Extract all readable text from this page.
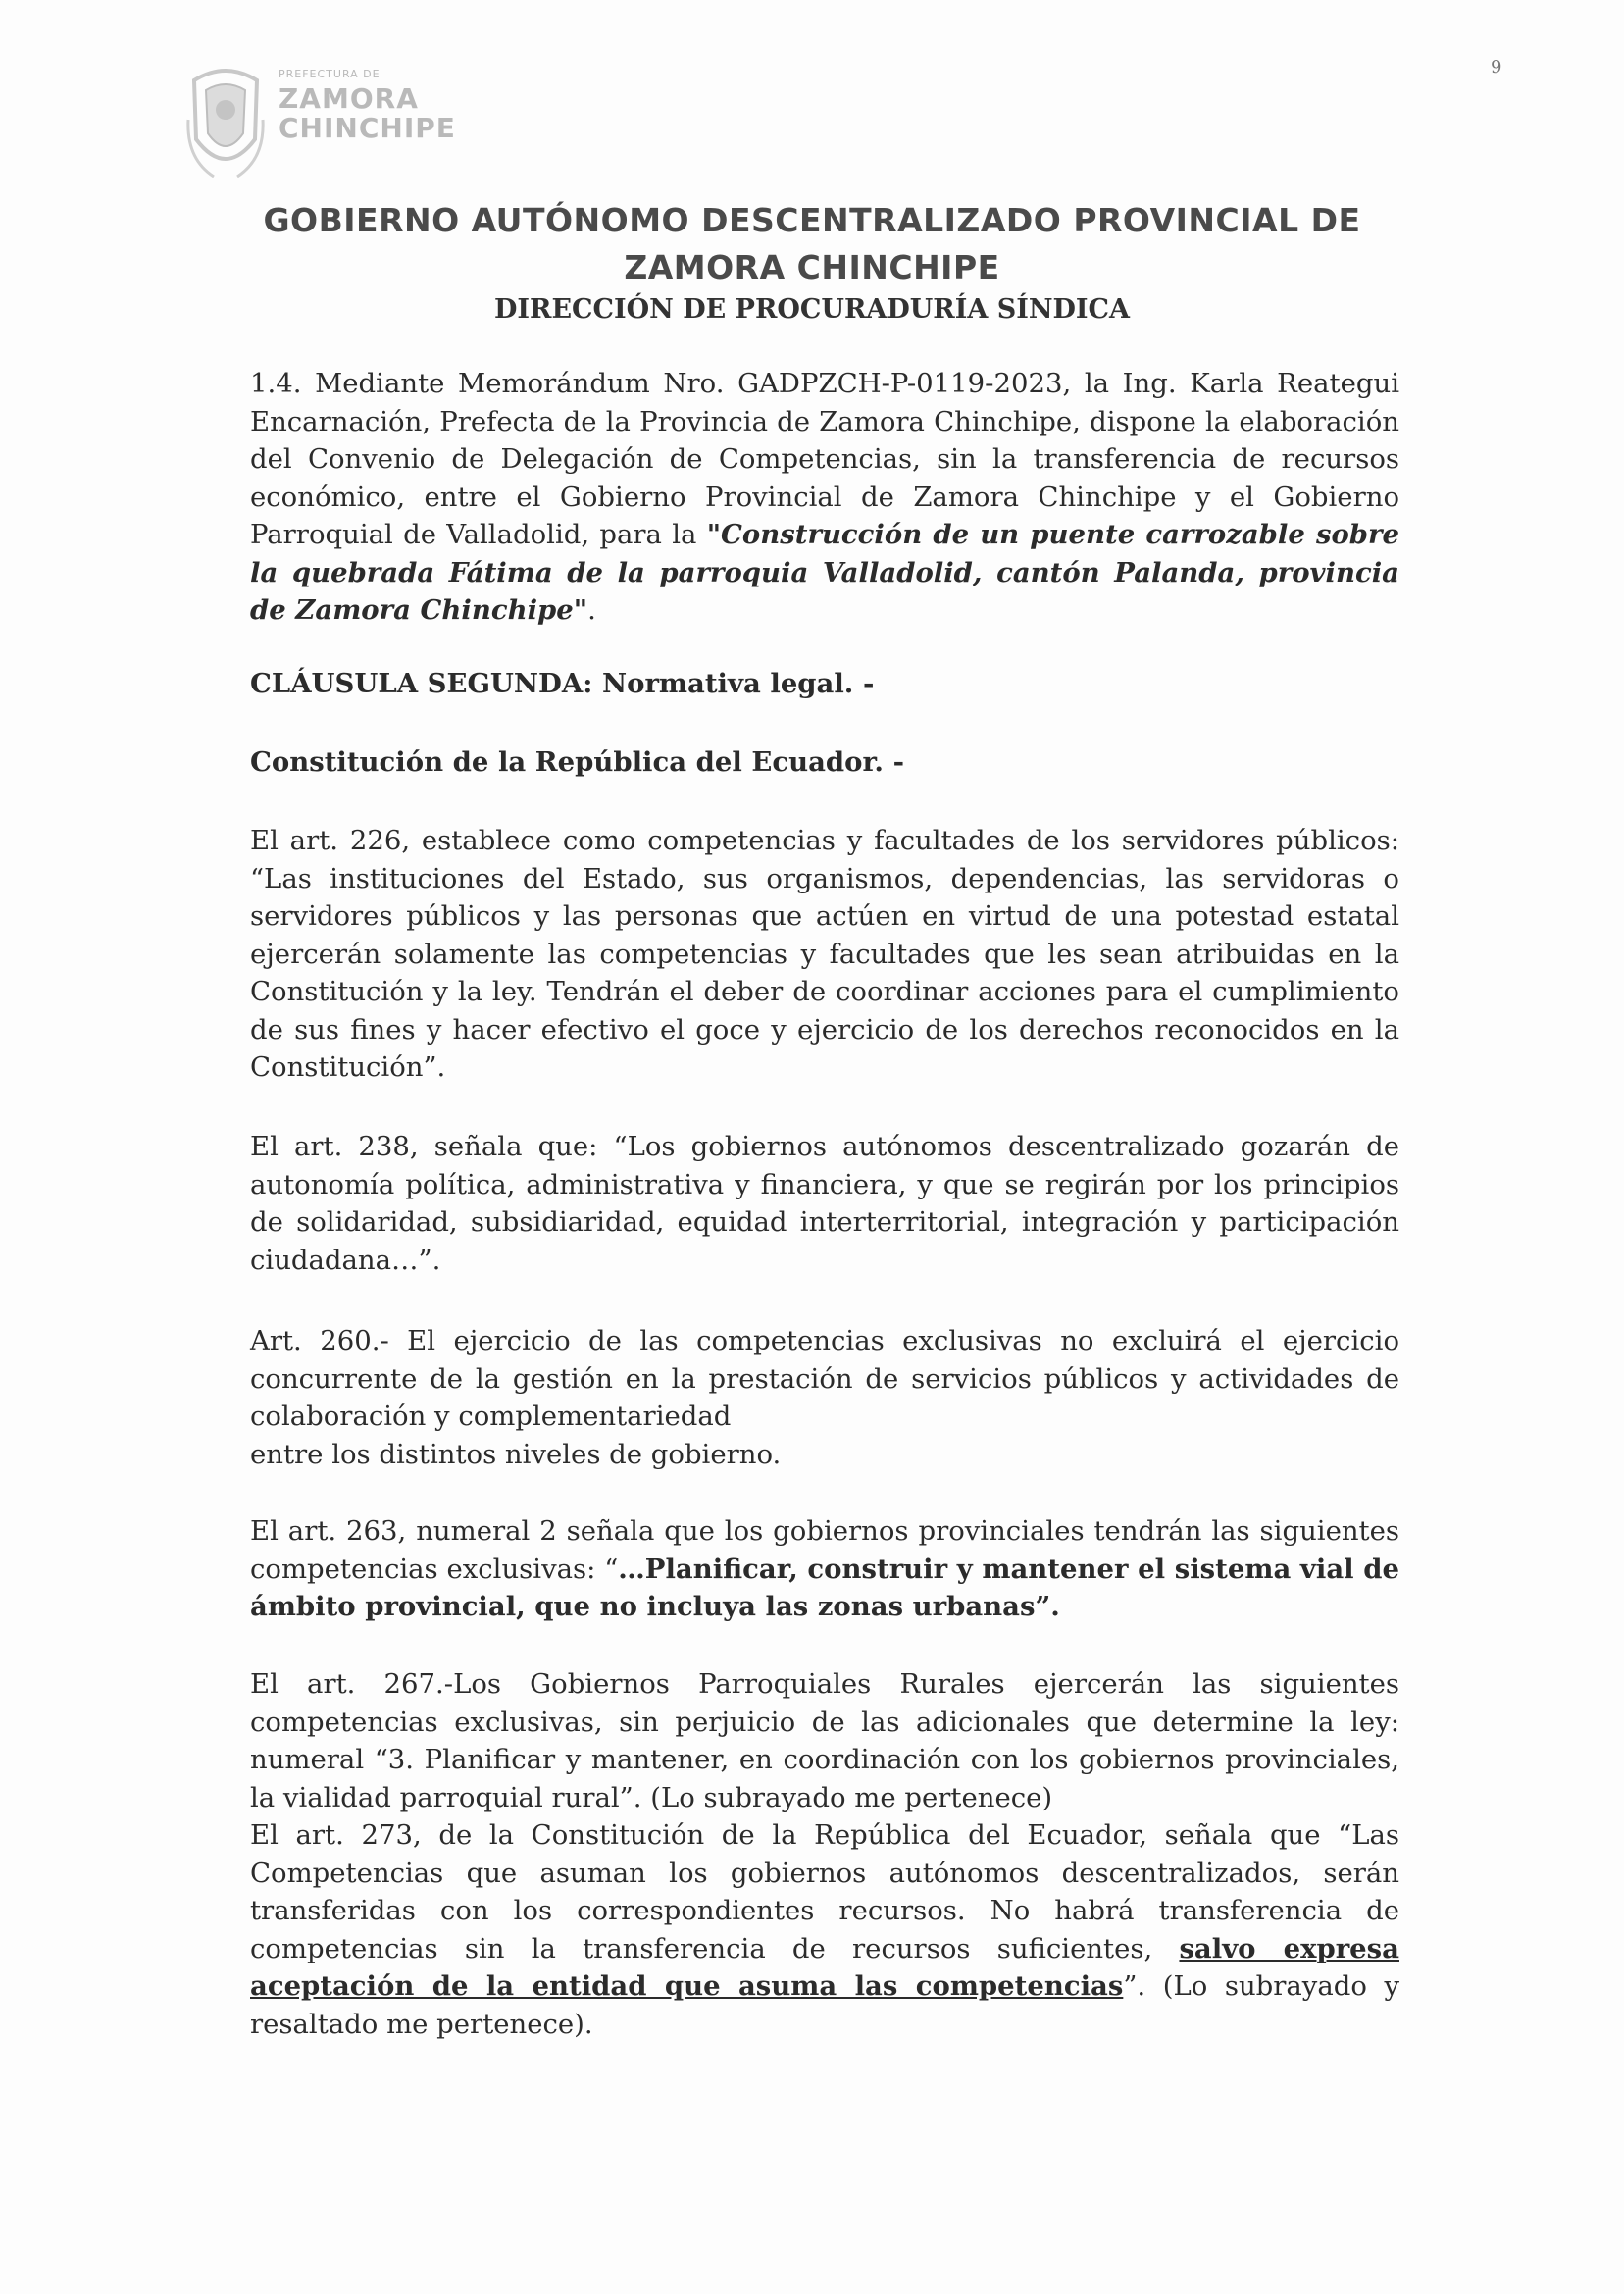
PREFECTURA DE
ZAMORA
CHINCHIPE
9
GOBIERNO AUTÓNOMO DESCENTRALIZADO PROVINCIAL DE
ZAMORA CHINCHIPE
DIRECCIÓN DE PROCURADURÍA SÍNDICA

1.4. Mediante Memorándum Nro. GADPZCH-P-0119-2023, la Ing. Karla Reategui Encarnación, Prefecta de la Provincia de Zamora Chinchipe, dispone la elaboración del Convenio de Delegación de Competencias, sin la transferencia de recursos económico, entre el Gobierno Provincial de Zamora Chinchipe y el Gobierno Parroquial de Valladolid, para la "Construcción de un puente carrozable sobre la quebrada Fátima de la parroquia Valladolid, cantón Palanda, provincia de Zamora Chinchipe".

CLÁUSULA SEGUNDA: Normativa legal. -
Constitución de la República del Ecuador. -

El art. 226, establece como competencias y facultades de los servidores públicos: “Las instituciones del Estado, sus organismos, dependencias, las servidoras o servidores públicos y las personas que actúen en virtud de una potestad estatal ejercerán solamente las competencias y facultades que les sean atribuidas en la Constitución y la ley. Tendrán el deber de coordinar acciones para el cumplimiento de sus fines y hacer efectivo el goce y ejercicio de los derechos reconocidos en la Constitución”.

El art. 238, señala que: “Los gobiernos autónomos descentralizado gozarán de autonomía política, administrativa y financiera, y que se regirán por los principios de solidaridad, subsidiaridad, equidad interterritorial, integración y participación ciudadana…”.

Art. 260.- El ejercicio de las competencias exclusivas no excluirá el ejercicio concurrente de la gestión en la prestación de servicios públicos y actividades de colaboración y complementariedad

entre los distintos niveles de gobierno.

El art. 263, numeral 2 señala que los gobiernos provinciales tendrán las siguientes competencias exclusivas: “…Planificar, construir y mantener el sistema vial de ámbito provincial, que no incluya las zonas urbanas”.

El art. 267.-Los Gobiernos Parroquiales Rurales ejercerán las siguientes competencias exclusivas, sin perjuicio de las adicionales que determine la ley: numeral “3. Planificar y mantener, en coordinación con los gobiernos provinciales, la vialidad parroquial rural”. (Lo subrayado me pertenece)

El art. 273, de la Constitución de la República del Ecuador, señala que “Las Competencias que asuman los gobiernos autónomos descentralizados, serán transferidas con los correspondientes recursos. No habrá transferencia de competencias sin la transferencia de recursos suficientes, salvo expresa aceptación de la entidad que asuma las competencias”. (Lo subrayado y resaltado me pertenece).
